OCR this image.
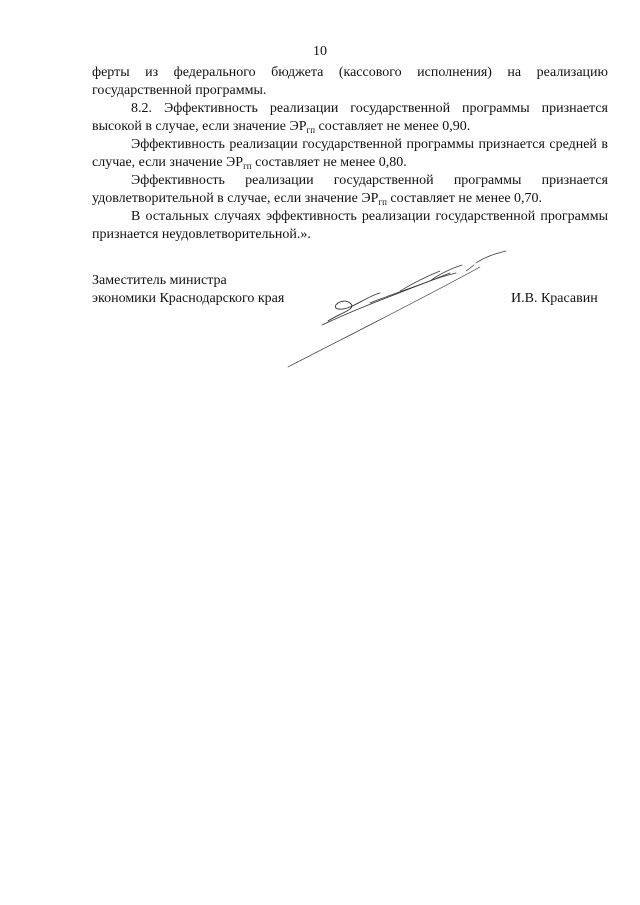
10

ферты из федерального бюджета (кассового исполнения) на реализацию государственной программы.

8.2. Эффективность реализации государственной программы признается высокой в случае, если значение $ЭР_{гп}$ составляет не менее 0,90.

Эффективность реализации государственной программы признается средней в случае, если значение $ЭР_{гп}$ составляет не менее 0,80.

Эффективность реализации государственной программы признается удовлетворительной в случае, если значение $ЭР_{гп}$ составляет не менее 0,70.

В остальных случаях эффективность реализации государственной программы признается неудовлетворительной.».

Заместитель министра
экономики Краснодарского края	И.В. Красавин
